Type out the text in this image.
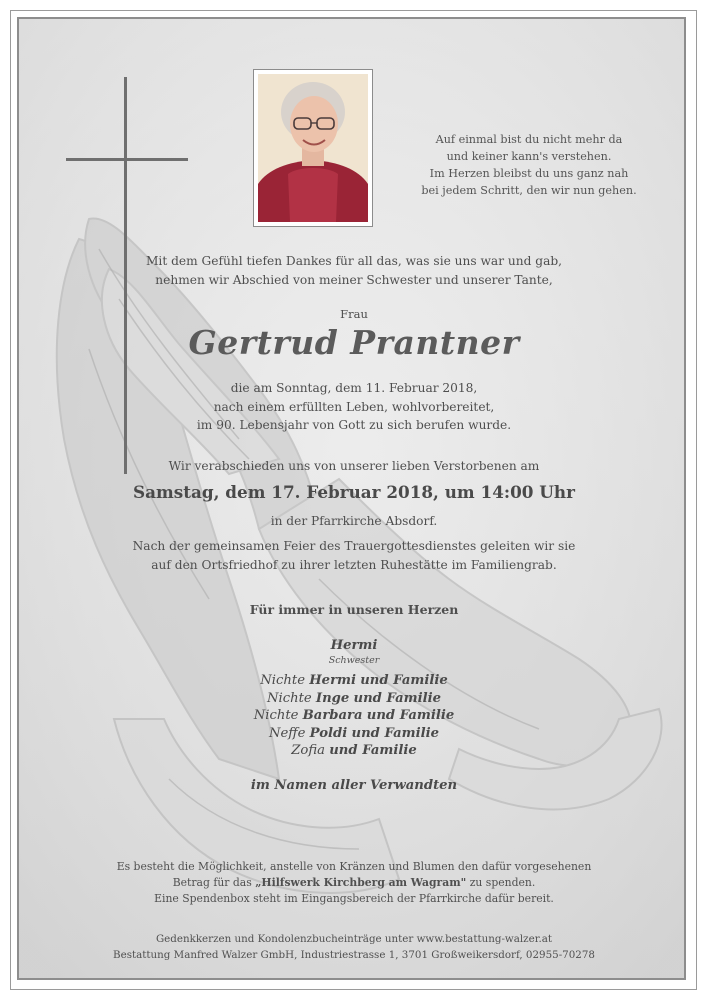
Auf einmal bist du nicht mehr da
und keiner kann's verstehen.
Im Herzen bleibst du uns ganz nah
bei jedem Schritt, den wir nun gehen.
Mit dem Gefühl tiefen Dankes für all das, was sie uns war und gab,
nehmen wir Abschied von meiner Schwester und unserer Tante,
Frau
Gertrud Prantner
die am Sonntag, dem 11. Februar 2018,
nach einem erfüllten Leben, wohlvorbereitet,
im 90. Lebensjahr von Gott zu sich berufen wurde.
Wir verabschieden uns von unserer lieben Verstorbenen am
Samstag, dem 17. Februar 2018, um 14:00 Uhr
in der Pfarrkirche Absdorf.
Nach der gemeinsamen Feier des Trauergottesdienstes geleiten wir sie
auf den Ortsfriedhof zu ihrer letzten Ruhestätte im Familiengrab.
Für immer in unseren Herzen
Hermi
Schwester
Nichte Hermi und Familie
Nichte Inge und Familie
Nichte Barbara und Familie
Neffe Poldi und Familie
Zofia und Familie
im Namen aller Verwandten
Es besteht die Möglichkeit, anstelle von Kränzen und Blumen den dafür vorgesehenen
Betrag für das „Hilfswerk Kirchberg am Wagram" zu spenden.
Eine Spendenbox steht im Eingangsbereich der Pfarrkirche dafür bereit.
Gedenkkerzen und Kondolenzbucheinträge unter www.bestattung-walzer.at
Bestattung Manfred Walzer GmbH, Industriestrasse 1, 3701 Großweikersdorf, 02955-70278
